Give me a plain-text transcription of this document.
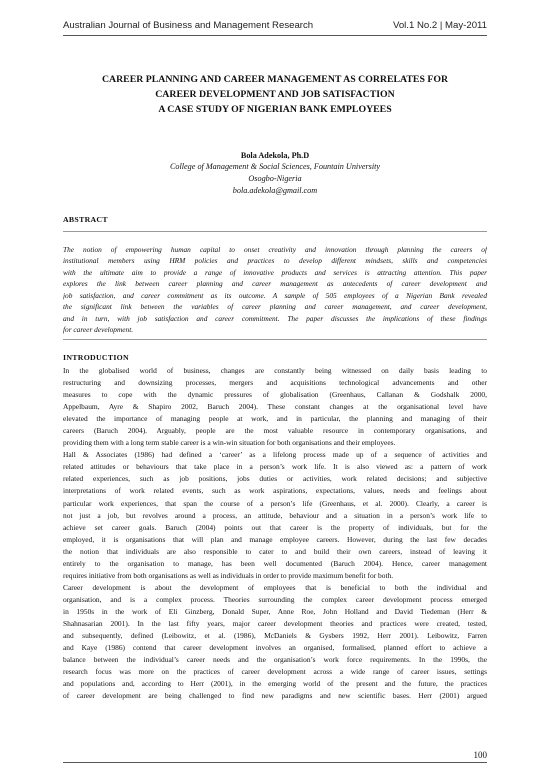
Australian Journal of Business and Management Research	Vol.1 No.2 | May-2011
CAREER PLANNING AND CAREER MANAGEMENT AS CORRELATES FOR
CAREER DEVELOPMENT AND JOB SATISFACTION
A CASE STUDY OF NIGERIAN BANK EMPLOYEES
Bola Adekola, Ph.D
College of Management & Social Sciences, Fountain University
Osogbo-Nigeria
bola.adekola@gmail.com
ABSTRACT
The notion of empowering human capital to onset creativity and innovation through planning the careers of
institutional members using HRM policies and practices to develop different mindsets, skills and competencies
with the ultimate aim to provide a range of innovative products and services is attracting attention. This paper
explores the link between career planning and career management as antecedents of career development and
job satisfaction, and career commitment as its outcome. A sample of 505 employees of a Nigerian Bank revealed
the significant link between the variables of career planning and career management, and career development,
and in turn, with job satisfaction and career commitment. The paper discusses the implications of these findings
for career development.
INTRODUCTION
In the globalised world of business, changes are constantly being witnessed on daily basis leading to
restructuring and downsizing processes, mergers and acquisitions technological advancements and other
measures to cope with the dynamic pressures of globalisation (Greenhaus, Callanan & Godshalk 2000,
Appelbaum, Ayre & Shapiro 2002, Baruch 2004). These constant changes at the organisational level have
elevated the importance of managing people at work, and in particular, the planning and managing of their
careers (Baruch 2004). Arguably, people are the most valuable resource in contemporary organisations, and
providing them with a long term stable career is a win-win situation for both organisations and their employees.
Hall & Associates (1986) had defined a ‘career’ as a lifelong process made up of a sequence of activities and
related attitudes or behaviours that take place in a person’s work life. It is also viewed as: a pattern of work
related experiences, such as job positions, jobs duties or activities, work related decisions; and subjective
interpretations of work related events, such as work aspirations, expectations, values, needs and feelings about
particular work experiences, that span the course of a person’s life (Greenhaus, et al. 2000). Clearly, a career is
not just a job, but revolves around a process, an attitude, behaviour and a situation in a person’s work life to
achieve set career goals. Baruch (2004) points out that career is the property of individuals, but for the
employed, it is organisations that will plan and manage employee careers. However, during the last few decades
the notion that individuals are also responsible to cater to and build their own careers, instead of leaving it
entirely to the organisation to manage, has been well documented (Baruch 2004). Hence, career management
requires initiative from both organisations as well as individuals in order to provide maximum benefit for both.
Career development is about the development of employees that is beneficial to both the individual and
organisation, and is a complex process. Theories surrounding the complex career development process emerged
in 1950s in the work of Eli Ginzberg, Donald Super, Anne Roe, John Holland and David Tiedeman (Herr &
Shahnasarian 2001). In the last fifty years, major career development theories and practices were created, tested,
and subsequently, defined (Leibowitz, et al. (1986), McDaniels & Gysbers 1992, Herr 2001). Leibowitz, Farren
and Kaye (1986) contend that career development involves an organised, formalised, planned effort to achieve a
balance between the individual’s career needs and the organisation’s work force requirements. In the 1990s, the
research focus was more on the practices of career development across a wide range of career issues, settings
and populations and, according to Herr (2001), in the emerging world of the present and the future, the practices
of career development are being challenged to find new paradigms and new scientific bases. Herr (2001) argued
100
